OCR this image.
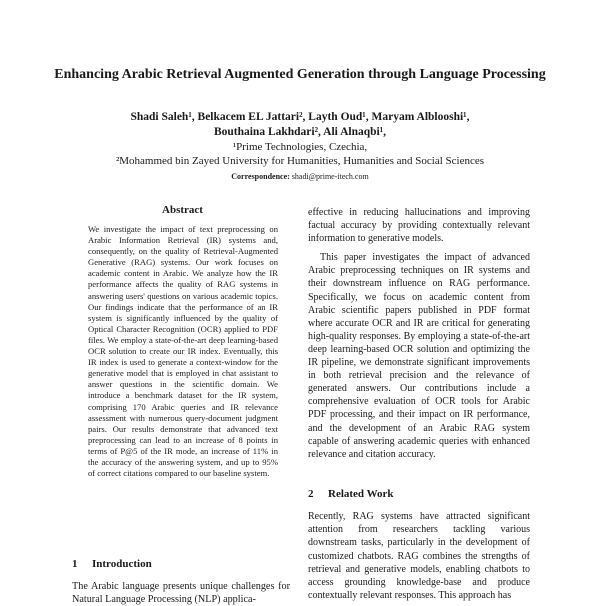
Enhancing Arabic Retrieval Augmented Generation through Language Processing
Shadi Saleh¹, Belkacem EL Jattari², Layth Oud¹, Maryam Alblooshi¹,
Bouthaina Lakhdari², Ali Alnaqbi¹,
¹Prime Technologies, Czechia,
²Mohammed bin Zayed University for Humanities, Humanities and Social Sciences
Correspondence: shadi@prime-itech.com
Abstract

We investigate the impact of text preprocessing on Arabic Information Retrieval (IR) systems and, consequently, on the quality of Retrieval-Augmented Generative (RAG) systems. Our work focuses on academic content in Arabic. We analyze how the IR performance affects the quality of RAG systems in answering users' questions on various academic topics. Our findings indicate that the performance of an IR system is significantly influenced by the quality of Optical Character Recognition (OCR) applied to PDF files. We employ a state-of-the-art deep learning-based OCR solution to create our IR index. Eventually, this IR index is used to generate a context-window for the generative model that is employed in chat assistant to answer questions in the scientific domain. We introduce a benchmark dataset for the IR system, comprising 170 Arabic queries and IR relevance assessment with numerous query-document judgment pairs. Our results demonstrate that advanced text preprocessing can lead to an increase of 8 points in terms of P@5 of the IR mode, an increase of 11% in the accuracy of the answering system, and up to 95% of correct citations compared to our baseline system.

1 Introduction

The Arabic language presents unique challenges for Natural Language Processing (NLP) applica-

effective in reducing hallucinations and improving factual accuracy by providing contextually relevant information to generative models.

This paper investigates the impact of advanced Arabic preprocessing techniques on IR systems and their downstream influence on RAG performance. Specifically, we focus on academic content from Arabic scientific papers published in PDF format where accurate OCR and IR are critical for generating high-quality responses. By employing a state-of-the-art deep learning-based OCR solution and optimizing the IR pipeline, we demonstrate significant improvements in both retrieval precision and the relevance of generated answers. Our contributions include a comprehensive evaluation of OCR tools for Arabic PDF processing, and their impact on IR performance, and the development of an Arabic RAG system capable of answering academic queries with enhanced relevance and citation accuracy.

2 Related Work

Recently, RAG systems have attracted significant attention from researchers tackling various downstream tasks, particularly in the development of customized chatbots. RAG combines the strengths of retrieval and generative models, enabling chatbots to access grounding knowledge-base and produce contextually relevant responses. This approach has
